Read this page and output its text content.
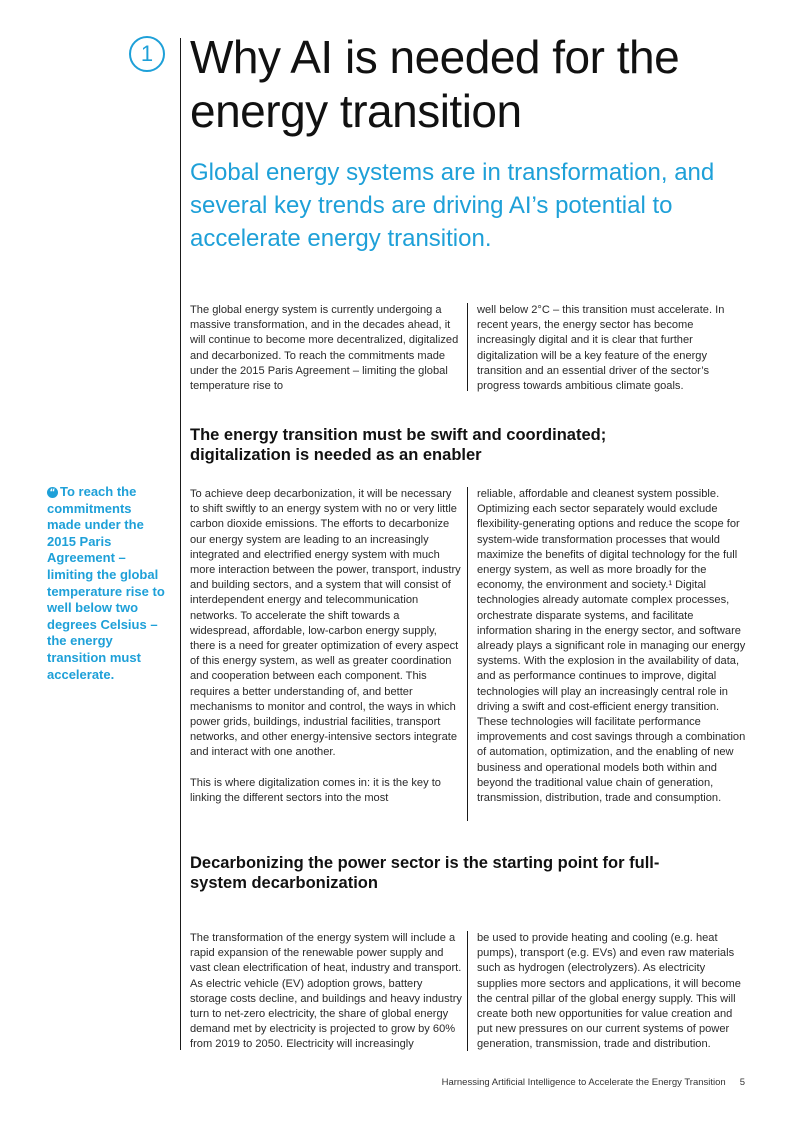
1 Why AI is needed for the energy transition
Global energy systems are in transformation, and several key trends are driving AI’s potential to accelerate energy transition.

The global energy system is currently undergoing a massive transformation, and in the decades ahead, it will continue to become more decentralized, digitalized and decarbonized. To reach the commitments made under the 2015 Paris Agreement – limiting the global temperature rise to

well below 2°C – this transition must accelerate. In recent years, the energy sector has become increasingly digital and it is clear that further digitalization will be a key feature of the energy transition and an essential driver of the sector’s progress towards ambitious climate goals.

The energy transition must be swift and coordinated; digitalization is needed as an enabler

“ To reach the commitments made under the 2015 Paris Agreement – limiting the global temperature rise to well below two degrees Celsius – the energy transition must accelerate.

To achieve deep decarbonization, it will be necessary to shift swiftly to an energy system with no or very little carbon dioxide emissions. The efforts to decarbonize our energy system are leading to an increasingly integrated and electrified energy system with much more interaction between the power, transport, industry and building sectors, and a system that will consist of interdependent energy and telecommunication networks. To accelerate the shift towards a widespread, affordable, low-carbon energy supply, there is a need for greater optimization of every aspect of this energy system, as well as greater coordination and cooperation between each component. This requires a better understanding of, and better mechanisms to monitor and control, the ways in which power grids, buildings, industrial facilities, transport networks, and other energy-intensive sectors integrate and interact with one another.

This is where digitalization comes in: it is the key to linking the different sectors into the most

reliable, affordable and cleanest system possible. Optimizing each sector separately would exclude flexibility-generating options and reduce the scope for system-wide transformation processes that would maximize the benefits of digital technology for the full energy system, as well as more broadly for the economy, the environment and society.¹ Digital technologies already automate complex processes, orchestrate disparate systems, and facilitate information sharing in the energy sector, and software already plays a significant role in managing our energy systems. With the explosion in the availability of data, and as performance continues to improve, digital technologies will play an increasingly central role in driving a swift and cost-efficient energy transition. These technologies will facilitate performance improvements and cost savings through a combination of automation, optimization, and the enabling of new business and operational models both within and beyond the traditional value chain of generation, transmission, distribution, trade and consumption.

Decarbonizing the power sector is the starting point for full-system decarbonization

The transformation of the energy system will include a rapid expansion of the renewable power supply and vast clean electrification of heat, industry and transport. As electric vehicle (EV) adoption grows, battery storage costs decline, and buildings and heavy industry turn to net-zero electricity, the share of global energy demand met by electricity is projected to grow by 60% from 2019 to 2050. Electricity will increasingly

be used to provide heating and cooling (e.g. heat pumps), transport (e.g. EVs) and even raw materials such as hydrogen (electrolyzers). As electricity supplies more sectors and applications, it will become the central pillar of the global energy supply. This will create both new opportunities for value creation and put new pressures on our current systems of power generation, transmission, trade and distribution.

Harnessing Artificial Intelligence to Accelerate the Energy Transition 5
